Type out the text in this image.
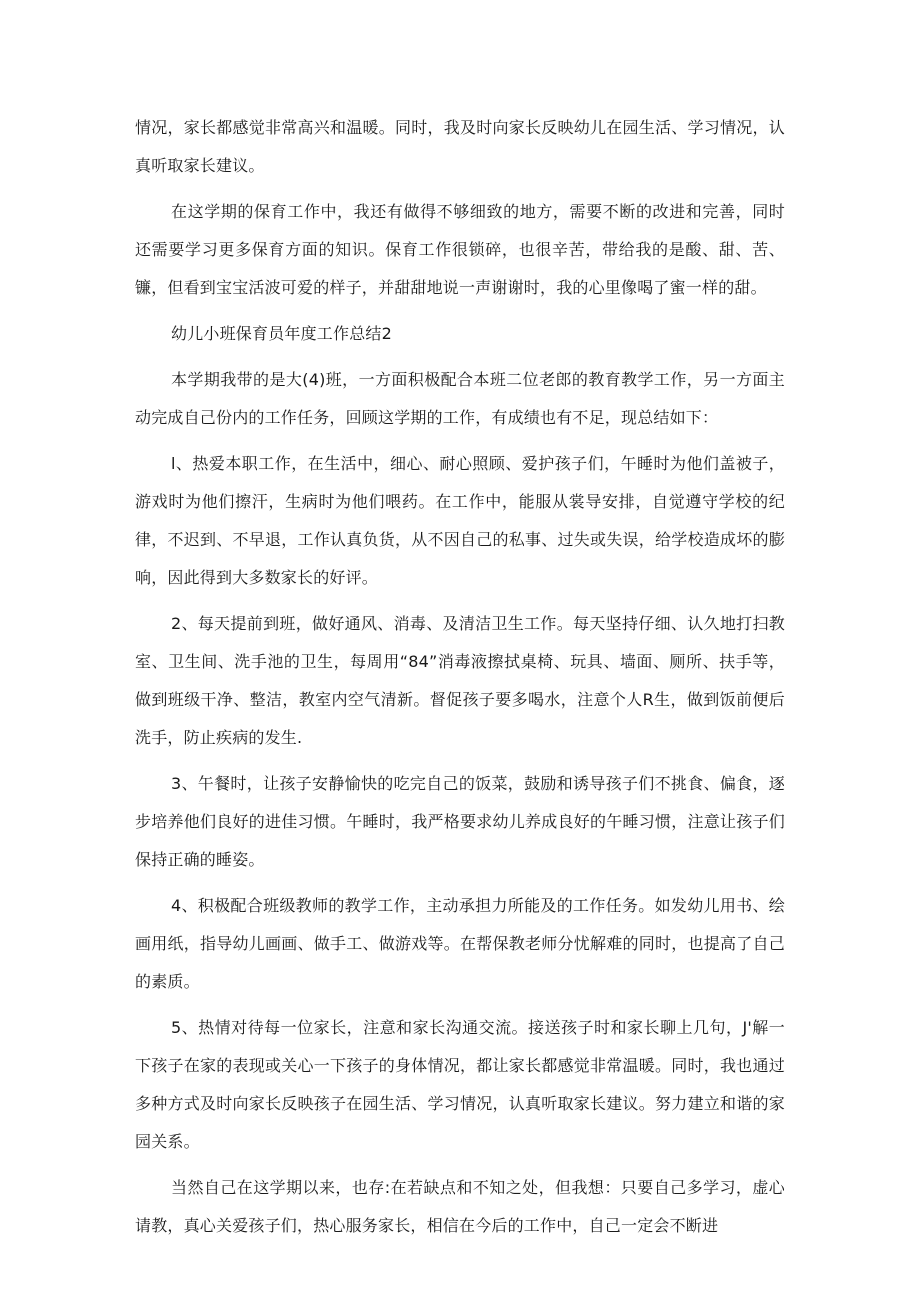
情况，家长都感觉非常高兴和温暖。同时，我及时向家长反映幼儿在园生活、学习情况，认真听取家长建议。

在这学期的保育工作中，我还有做得不够细致的地方，需要不断的改进和完善，同时还需要学习更多保育方面的知识。保育工作很锁碎，也很辛苦，带给我的是酸、甜、苦、镰，但看到宝宝活波可爱的样子，并甜甜地说一声谢谢时，我的心里像喝了蜜一样的甜。

幼儿小班保育员年度工作总结2

本学期我带的是大(4)班，一方面积极配合本班二位老郎的教育教学工作，另一方面主动完成自己份内的工作任务，回顾这学期的工作，有成绩也有不足，现总结如下：

l、热爱本职工作，在生活中，细心、耐心照顾、爱护孩子们，午睡时为他们盖被子，游戏时为他们擦汗，生病时为他们喂药。在工作中，能服从裳导安排，自觉遵守学校的纪律，不迟到、不早退，工作认真负货，从不因自己的私事、过失或失误，给学校造成坏的膨响，因此得到大多数家长的好评。

2、每天提前到班，做好通风、消毒、及清洁卫生工作。每天坚持仔细、认久地打扫教室、卫生间、洗手池的卫生，每周用“84”消毒液擦拭桌椅、玩具、墙面、厕所、扶手等，做到班级干净、整洁，教室内空气清新。督促孩子要多喝水，注意个人R生，做到饭前便后洗手，防止疾病的发生.

3、午餐时，让孩子安静愉快的吃完自己的饭菜，鼓励和诱导孩子们不挑食、偏食，逐步培养他们良好的进佳习惯。午睡时，我严格要求幼儿养成良好的午睡习惯，注意让孩子们保持正确的睡姿。

4、积极配合班级教师的教学工作，主动承担力所能及的工作任务。如发幼儿用书、绘画用纸，指导幼儿画画、做手工、做游戏等。在帮保教老师分忧解难的同时，也提高了自己的素质。

5、热情对待每一位家长，注意和家长沟通交流。接送孩子时和家长聊上几句，J'解一下孩子在家的表现或关心一下孩子的身体情况，都让家长都感觉非常温暖。同时，我也通过多种方式及时向家长反映孩子在园生活、学习情况，认真听取家长建议。努力建立和谐的家园关系。

当然自己在这学期以来，也存:在若缺点和不知之处，但我想：只要自己多学习，虚心请教，真心关爱孩子们，热心服务家长，相信在今后的工作中，自己一定会不断进
